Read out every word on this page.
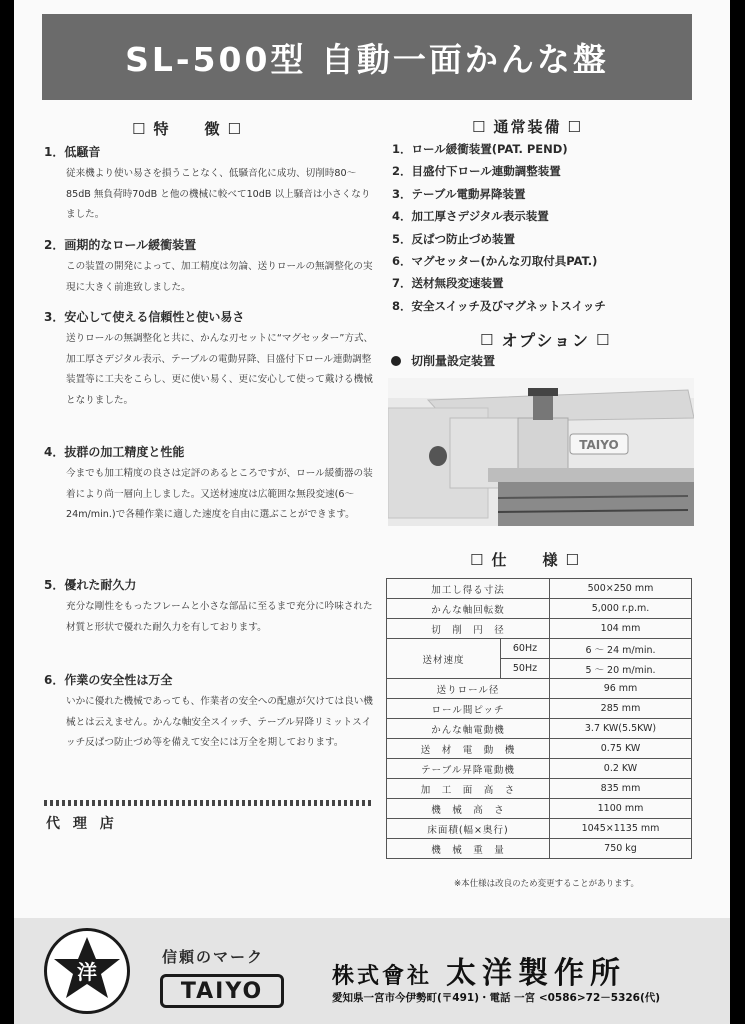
SL-500型 自動一面かんな盤
☐ 特　　徴 ☐
1．低騒音
従来機より使い易さを損うことなく、低騒音化に成功、切削時80～85dB 無負荷時70dB と他の機械に較べて10dB 以上騒音は小さくなりました。
2．画期的なロール緩衝装置
この装置の開発によって、加工精度は勿論、送りロールの無調整化の実現に大きく前進致しました。
3．安心して使える信頼性と使い易さ
送りロールの無調整化と共に、かんな刃セットに“マグセッター”方式、加工厚さデジタル表示、テーブルの電動昇降、目盛付下ロール連動調整装置等に工夫をこらし、更に使い易く、更に安心して使って戴ける機械となりました。
4．抜群の加工精度と性能
今までも加工精度の良さは定評のあるところですが、ロール緩衝器の装着により尚一層向上しました。又送材速度は広範囲な無段変速(6～24m/min.)で各種作業に適した速度を自由に選ぶことができます。
5．優れた耐久力
充分な剛性をもったフレームと小さな部品に至るまで充分に吟味された材質と形状で優れた耐久力を有しております。
6．作業の安全性は万全
いかに優れた機械であっても、作業者の安全への配慮が欠けては良い機械とは云えません。かんな軸安全スイッチ、テーブル昇降リミットスイッチ反ぱつ防止づめ等を備えて安全には万全を期しております。
代 理 店
☐ 通常装備 ☐
1．ロール緩衝装置(PAT. PEND)
2．目盛付下ロール連動調整装置
3．テーブル電動昇降装置
4．加工厚さデジタル表示装置
5．反ぱつ防止づめ装置
6．マグセッター(かんな刃取付具PAT.)
7．送材無段変速装置
8．安全スイッチ及びマグネットスイッチ
☐ オプション ☐
切削量設定装置
TAIYO
☐ 仕　　様 ☐
加工し得る寸法		500×250 mm
かんな軸回転数		5,000 r.p.m.
切　削　円　径		104 mm
送材速度	60Hz	6 ～ 24 m/min.
	50Hz	5 ～ 20 m/min.
送りロール径		96 mm
ロール間ピッチ		285 mm
かんな軸電動機		3.7 KW(5.5KW)
送　材　電　動　機		0.75 KW
テーブル昇降電動機		0.2 KW
加　工　面　高　さ		835 mm
機　械　高　さ		1100 mm
床面積(幅×奥行)		1045×1135 mm
機　械　重　量		750 kg
※本仕様は改良のため変更することがあります。
洋
信頼のマーク
TAIYO
株式會社 太洋製作所
愛知県一宮市今伊勢町(〒491)・電話 一宮 <0586>72－5326(代)
